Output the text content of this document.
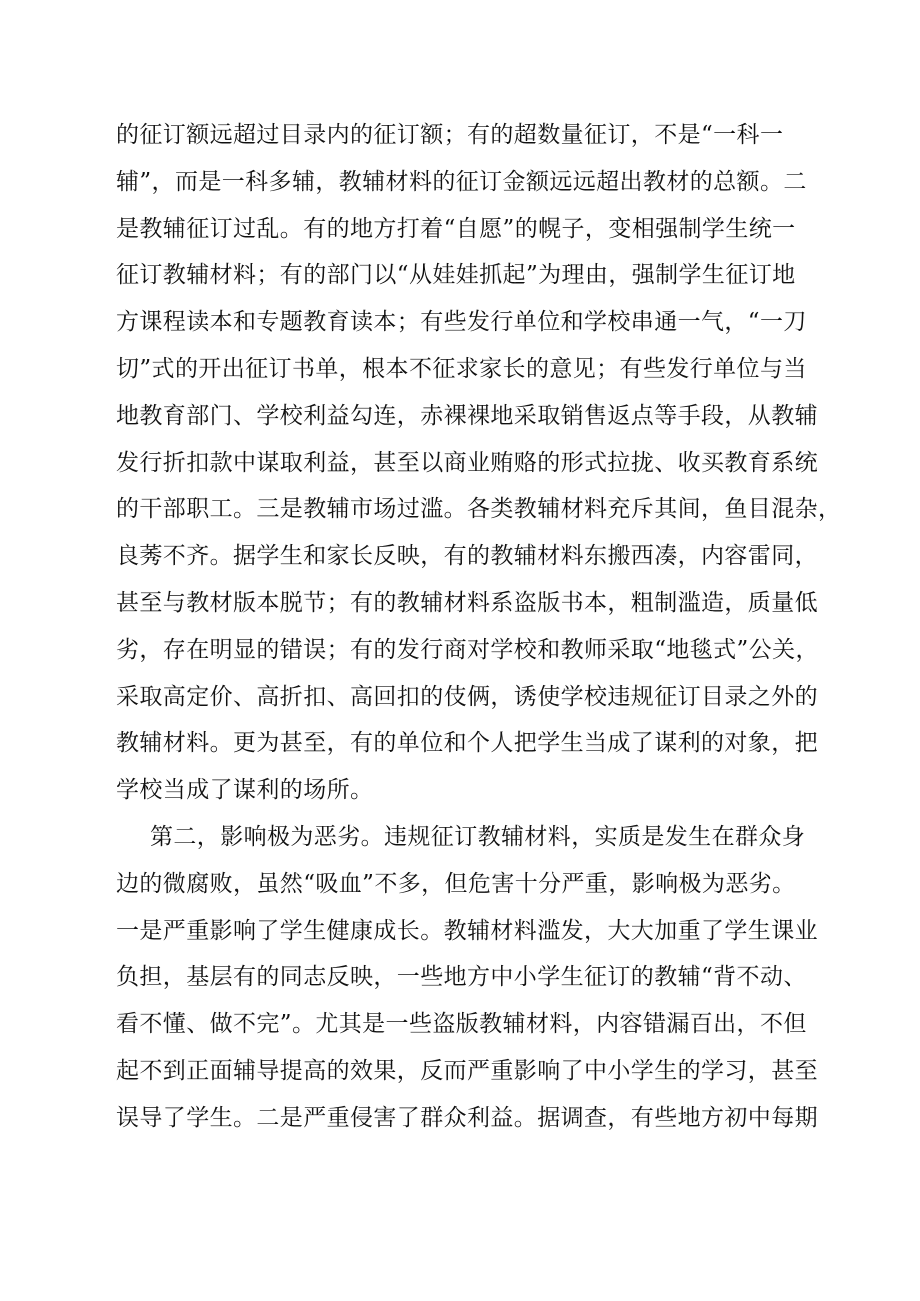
的征订额远超过目录内的征订额；有的超数量征订，不是“一科一
辅”，而是一科多辅，教辅材料的征订金额远远超出教材的总额。二
是教辅征订过乱。有的地方打着“自愿”的幌子，变相强制学生统一
征订教辅材料；有的部门以“从娃娃抓起”为理由，强制学生征订地
方课程读本和专题教育读本；有些发行单位和学校串通一气，“一刀
切”式的开出征订书单，根本不征求家长的意见；有些发行单位与当
地教育部门、学校利益勾连，赤裸裸地采取销售返点等手段，从教辅
发行折扣款中谋取利益，甚至以商业贿赂的形式拉拢、收买教育系统
的干部职工。三是教辅市场过滥。各类教辅材料充斥其间，鱼目混杂，
良莠不齐。据学生和家长反映，有的教辅材料东搬西凑，内容雷同，
甚至与教材版本脱节；有的教辅材料系盗版书本，粗制滥造，质量低
劣，存在明显的错误；有的发行商对学校和教师采取“地毯式”公关，
采取高定价、高折扣、高回扣的伎俩，诱使学校违规征订目录之外的
教辅材料。更为甚至，有的单位和个人把学生当成了谋利的对象，把
学校当成了谋利的场所。
第二，影响极为恶劣。违规征订教辅材料，实质是发生在群众身
边的微腐败，虽然“吸血”不多，但危害十分严重，影响极为恶劣。
一是严重影响了学生健康成长。教辅材料滥发，大大加重了学生课业
负担，基层有的同志反映，一些地方中小学生征订的教辅“背不动、
看不懂、做不完”。尤其是一些盗版教辅材料，内容错漏百出，不但
起不到正面辅导提高的效果，反而严重影响了中小学生的学习，甚至
误导了学生。二是严重侵害了群众利益。据调查，有些地方初中每期
